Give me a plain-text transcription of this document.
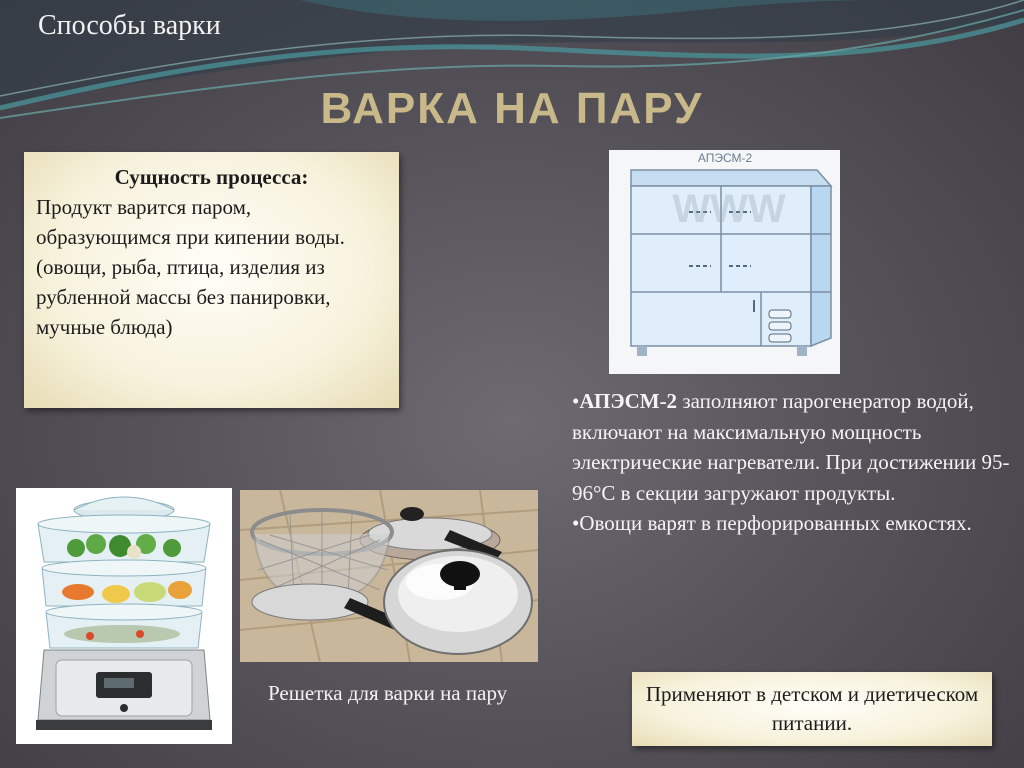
Способы варки
ВАРКА НА ПАРУ
Сущность процесса:
Продукт варится паром, образующимся при кипении воды. (овощи, рыба, птица, изделия из рубленной массы без панировки, мучные блюда)
АПЭСМ-2
WWW

•АПЭСМ-2 заполняют парогенератор водой, включают на максимальную мощность электрические нагреватели. При достижении 95-96°С в секции загружают продукты.

•Овощи варят в перфорированных емкостях.

Решетка для варки на пару	Применяют в детском и диетическом питании.
